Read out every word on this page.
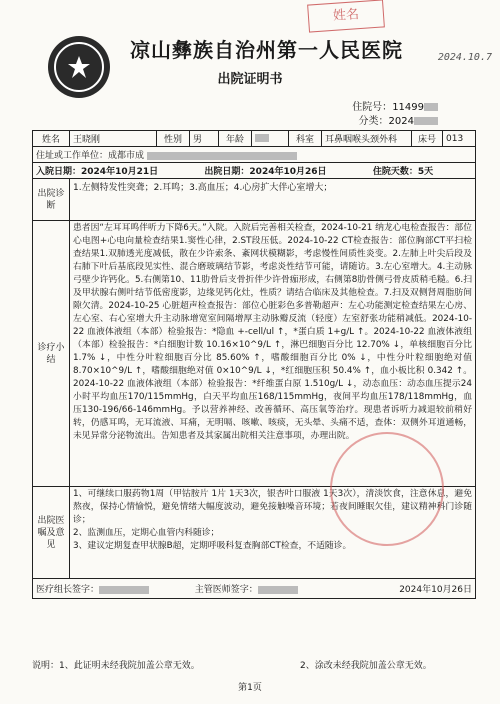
姓名
2024.10.7
凉山彝族自治州第一人民医院
出院证明书
住院号：11499
分类：2024
姓名	王晓刚	性别	男	年龄		科室	耳鼻咽喉头颈外科	床号	013
住址或工作单位：成都市成									
入院日期：2024年10月21日 出院日期：2024年10月26日 住院天数：5天									
出院诊断	1.左侧特发性突聋；2.耳鸣；3.高血压；4.心房扩大伴心室增大；								
诊疗小结	患者因“左耳耳鸣伴听力下降6天。”入院。入院后完善相关检查，2024-10-21 纳龙心电检查报告：部位心电图+心电向量检查结果1.窦性心律，2.ST段压低。2024-10-22 CT检查报告：部位胸部CT平扫检查结果1.双肺透光度减低，散在少许索条、紊网状模糊影，考虑慢性间质性炎变。2.左肺上叶尖后段及右肺下叶后基底段见实性、混合磨玻璃结节影，考虑炎性结节可能，请随访。3.左心室增大。4.主动脉弓壁少许钙化。5.右侧第10、11肋骨后支骨折伴少许骨痂形成，右侧第8肋骨侧弓骨皮质稍毛糙。6.扫及甲状腺右侧叶结节低密度影，边缘见钙化灶，性质？请结合临床及其他检查。7.扫及双侧肾周脂肪间隙欠清。2024-10-25 心脏超声检查报告：部位心脏彩色多普勒超声：左心功能测定检查结果左心房、左心室、右心室增大升主动脉增宽室间隔增厚主动脉瓣反流（轻度）左室舒张功能稍减低。2024-10-22 血液体液组（本部）检验报告：*隐血 +-cell/ul ↑，*蛋白质 1+g/L ↑。2024-10-22 血液体液组（本部）检验报告：*白细胞计数 10.16×10^9/L ↑，淋巴细胞百分比 12.70% ↓，单核细胞百分比 1.7% ↓，中性分叶粒细胞百分比 85.60% ↑，嗜酸细胞百分比 0% ↓，中性分叶粒细胞绝对值 8.70×10^9/L ↑，嗜酸细胞绝对值 0×10^9/L ↓，*红细胞压积 50.4% ↑，血小板比积 0.342 ↑。2024-10-22 血液体液组（本部）检验报告：*纤维蛋白原 1.510g/L ↓，动态血压：动态血压提示24小时平均血压170/115mmHg，白天平均血压168/115mmHg，夜间平均血压178/118mmHg，血压130-196/66-146mmHg。予以营养神经、改善循环、高压氧等治疗。现患者诉听力减退较前稍好转，仍感耳鸣，无耳流液、耳痛，无明嗝、咳嗽、咳痰，无头晕、头痛不适，查体：双侧外耳道通畅，未见异常分泌物流出。告知患者及其家属出院相关注意事项，办理出院。								
出院医嘱及意见	1、可继续口服药物1周（甲钴胺片 1片 1天3次，银杏叶口服液 1天3次），清淡饮食，注意休息，避免熬夜，保持心情愉悦，避免情绪大幅度波动，避免接触噪音环境；若夜间睡眠欠佳，建议精神科门诊随诊；
2、监测血压，定期心血管内科随诊；
3、建议定期复查甲状腺B超，定期呼吸科复查胸部CT检查，不适随诊。								

医疗组长签字： 主管医师签字： 2024年10月26日									
说明：1、此证明未经我院加盖公章无效。	2、涂改未经我院加盖公章无效。
第1页
